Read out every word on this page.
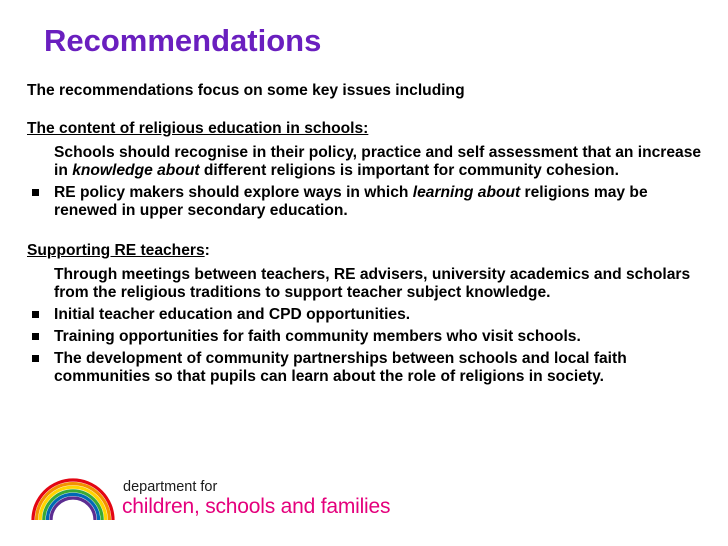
Recommendations

The recommendations focus on some key issues including

The content of religious education in schools:

Schools should recognise in their policy, practice and self assessment that an increase in knowledge about different religions is important for community cohesion.
RE policy makers should explore ways in which learning about religions may be renewed in upper secondary education.

Supporting RE teachers:

Through meetings between teachers, RE advisers, university academics and scholars from the religious traditions to support teacher subject knowledge.
Initial teacher education and CPD opportunities.
Training opportunities for faith community members who visit schools.
The development of community partnerships between schools and local faith communities so that pupils can learn about the role of religions in society.
department for
children, schools and families
